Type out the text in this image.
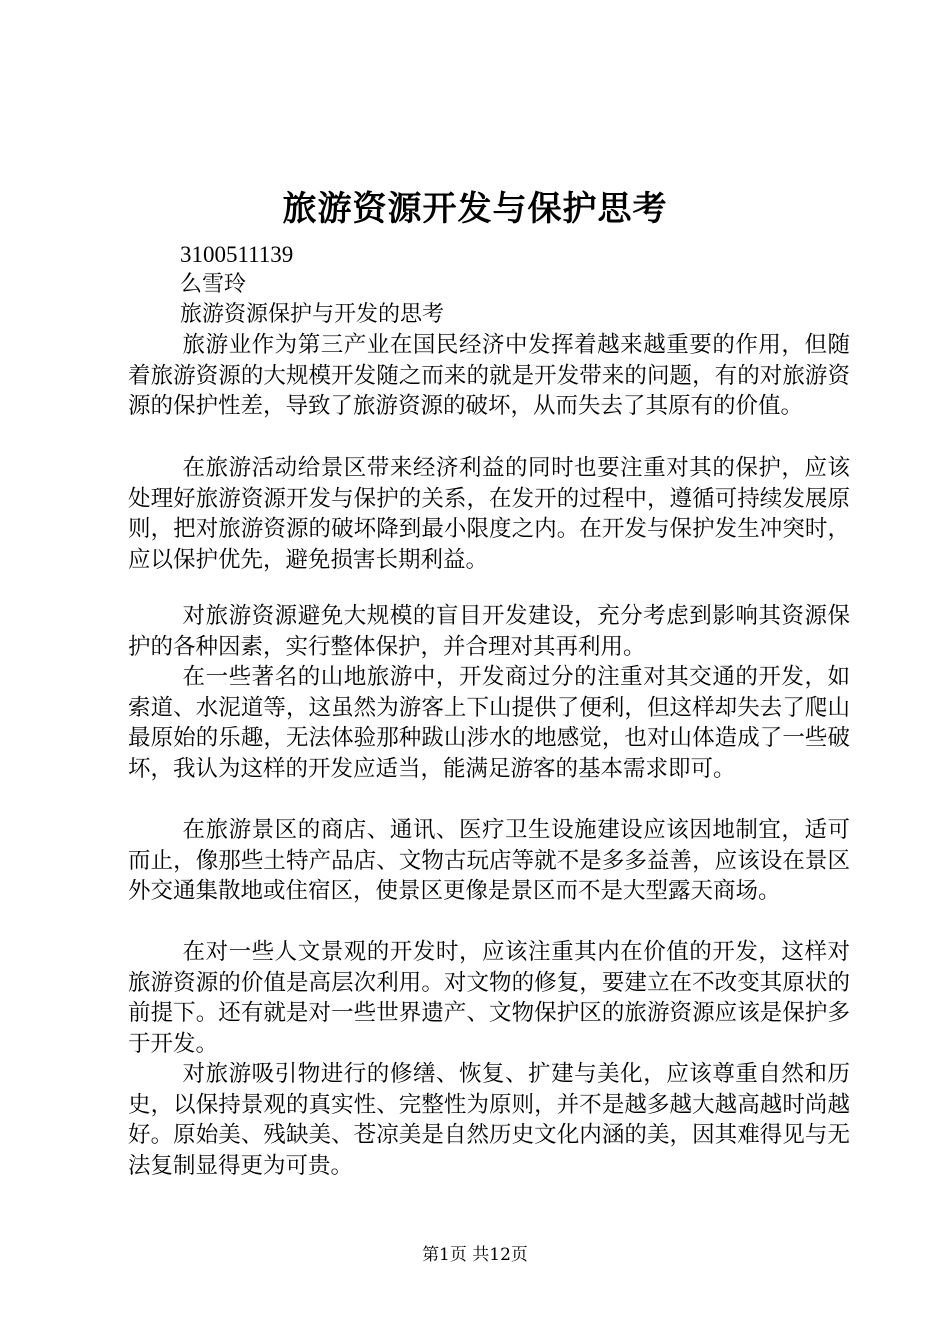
旅游资源开发与保护思考
3100511139
么雪玲
旅游资源保护与开发的思考

旅游业作为第三产业在国民经济中发挥着越来越重要的作用，但随着旅游资源的大规模开发随之而来的就是开发带来的问题，有的对旅游资源的保护性差，导致了旅游资源的破坏，从而失去了其原有的价值。

在旅游活动给景区带来经济利益的同时也要注重对其的保护，应该处理好旅游资源开发与保护的关系，在发开的过程中，遵循可持续发展原则，把对旅游资源的破坏降到最小限度之内。在开发与保护发生冲突时，应以保护优先，避免损害长期利益。

对旅游资源避免大规模的盲目开发建设，充分考虑到影响其资源保护的各种因素，实行整体保护，并合理对其再利用。

在一些著名的山地旅游中，开发商过分的注重对其交通的开发，如索道、水泥道等，这虽然为游客上下山提供了便利，但这样却失去了爬山最原始的乐趣，无法体验那种跋山涉水的地感觉，也对山体造成了一些破坏，我认为这样的开发应适当，能满足游客的基本需求即可。

在旅游景区的商店、通讯、医疗卫生设施建设应该因地制宜，适可而止，像那些土特产品店、文物古玩店等就不是多多益善，应该设在景区外交通集散地或住宿区，使景区更像是景区而不是大型露天商场。

在对一些人文景观的开发时，应该注重其内在价值的开发，这样对旅游资源的价值是高层次利用。对文物的修复，要建立在不改变其原状的前提下。还有就是对一些世界遗产、文物保护区的旅游资源应该是保护多于开发。

对旅游吸引物进行的修缮、恢复、扩建与美化，应该尊重自然和历史，以保持景观的真实性、完整性为原则，并不是越多越大越高越时尚越好。原始美、残缺美、苍凉美是自然历史文化内涵的美，因其难得见与无法复制显得更为可贵。

第1页 共12页
